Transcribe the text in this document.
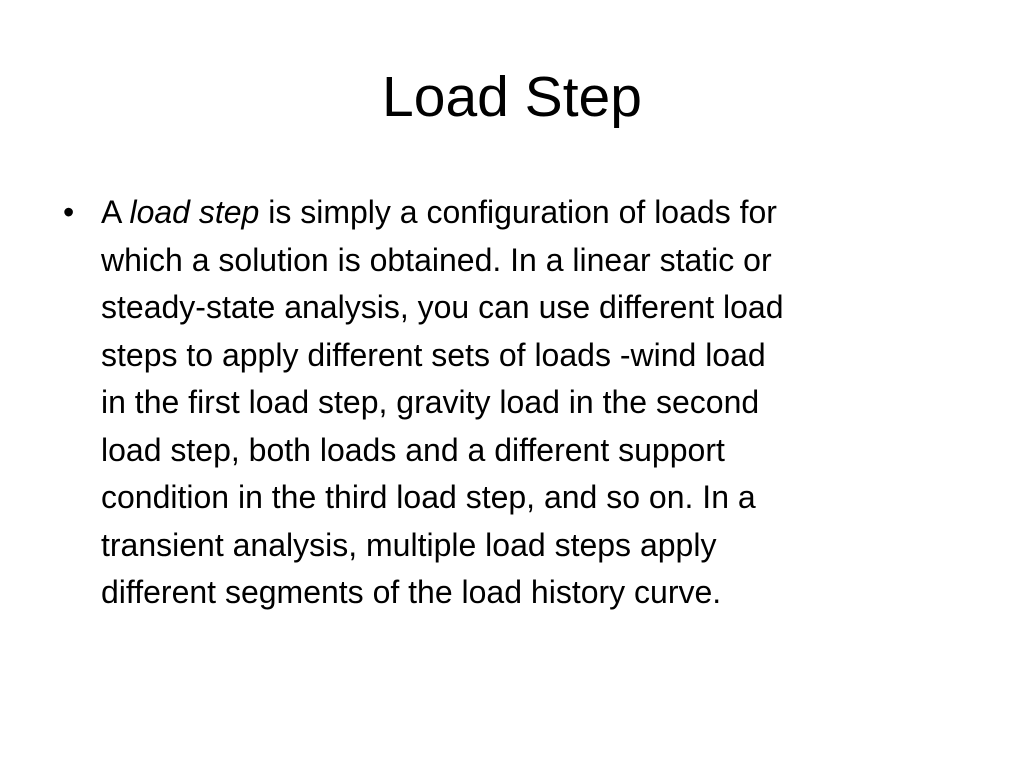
Load Step
• A load step is simply a configuration of loads for
which a solution is obtained. In a linear static or
steady-state analysis, you can use different load
steps to apply different sets of loads -wind load
in the first load step, gravity load in the second
load step, both loads and a different support
condition in the third load step, and so on. In a
transient analysis, multiple load steps apply
different segments of the load history curve.
